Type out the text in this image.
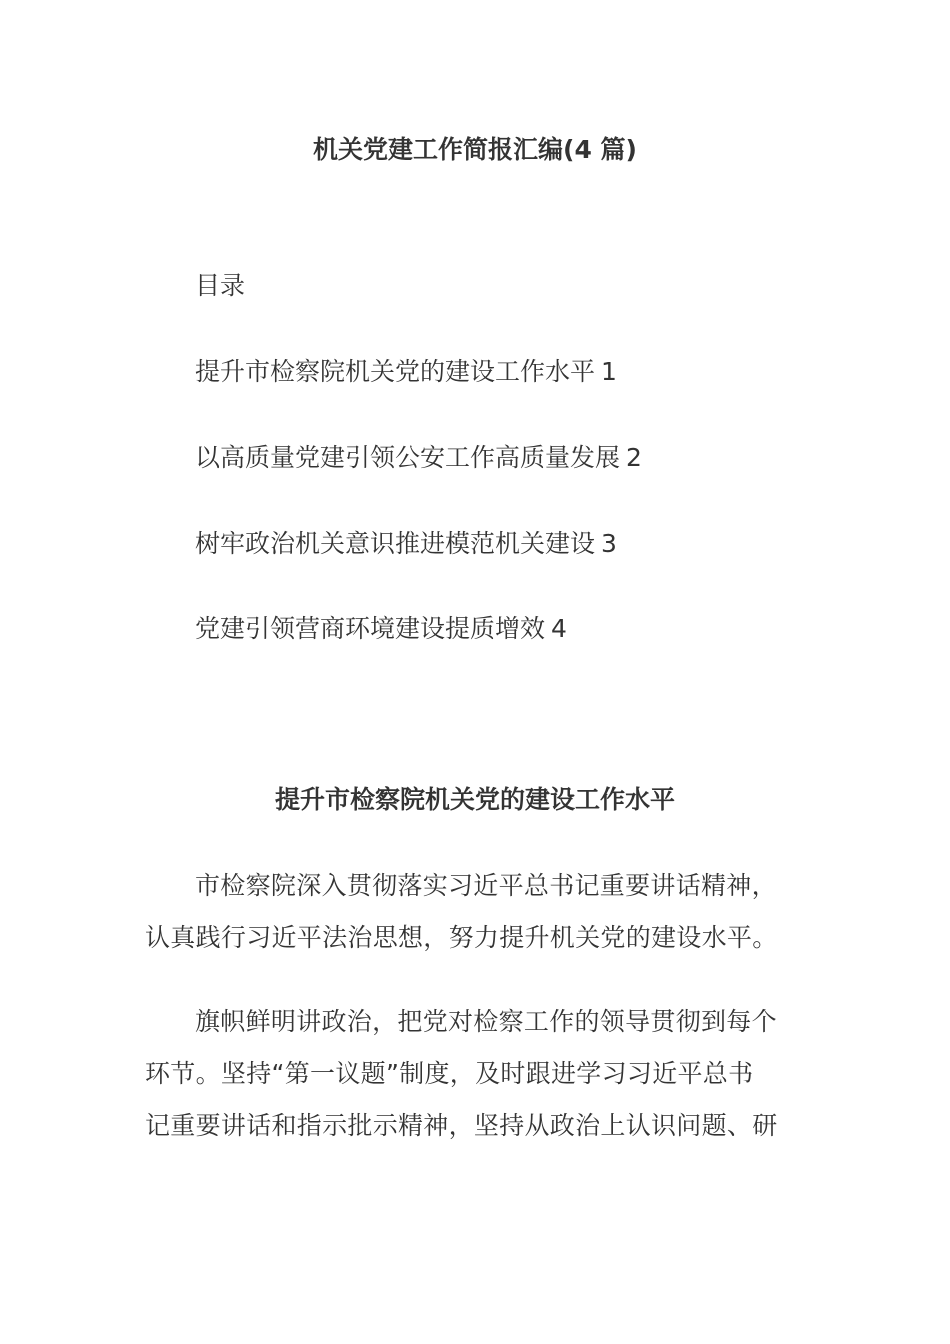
机关党建工作简报汇编(4 篇)
目录
提升市检察院机关党的建设工作水平 1
以高质量党建引领公安工作高质量发展 2
树牢政治机关意识推进模范机关建设 3
党建引领营商环境建设提质增效 4
提升市检察院机关党的建设工作水平
市检察院深入贯彻落实习近平总书记重要讲话精神，
认真践行习近平法治思想，努力提升机关党的建设水平。
旗帜鲜明讲政治，把党对检察工作的领导贯彻到每个
环节。坚持“第一议题”制度，及时跟进学习习近平总书
记重要讲话和指示批示精神，坚持从政治上认识问题、研
